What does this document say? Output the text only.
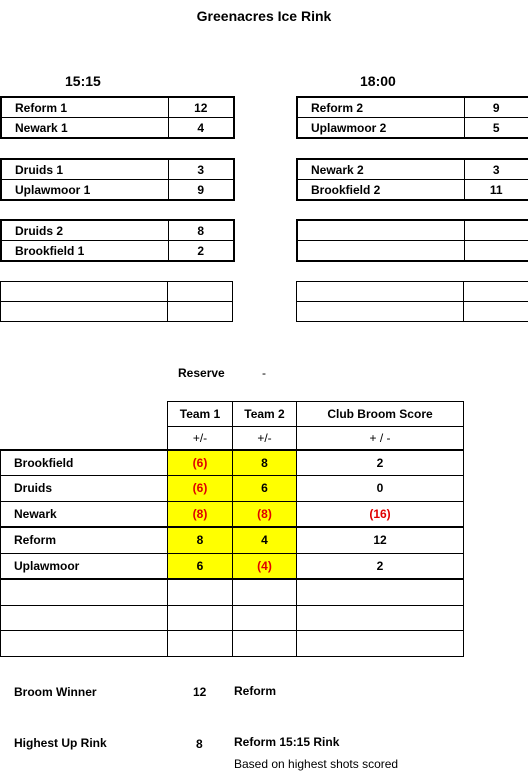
Greenacres Ice Rink
15:15	18:00
Reform 1	12
Newark 1	4
Druids 1	3
Uplawmoor 1	9
Druids 2	8
Brookfield 1	2

Reform 2	9
Uplawmoor 2	5
Newark 2	3
Brookfield 2	11

Reserve	-
	Team 1	Team 2	Club Broom Score
	+/-	+/-	+ / -
Brookfield	(6)	8	2
Druids	(6)	6	0
Newark	(8)	(8)	(16)
Reform	8	4	12
Uplawmoor	6	(4)	2

Broom Winner	12 Reform
Highest Up Rink	8	Reform 15:15 Rink
Based on highest shots scored
